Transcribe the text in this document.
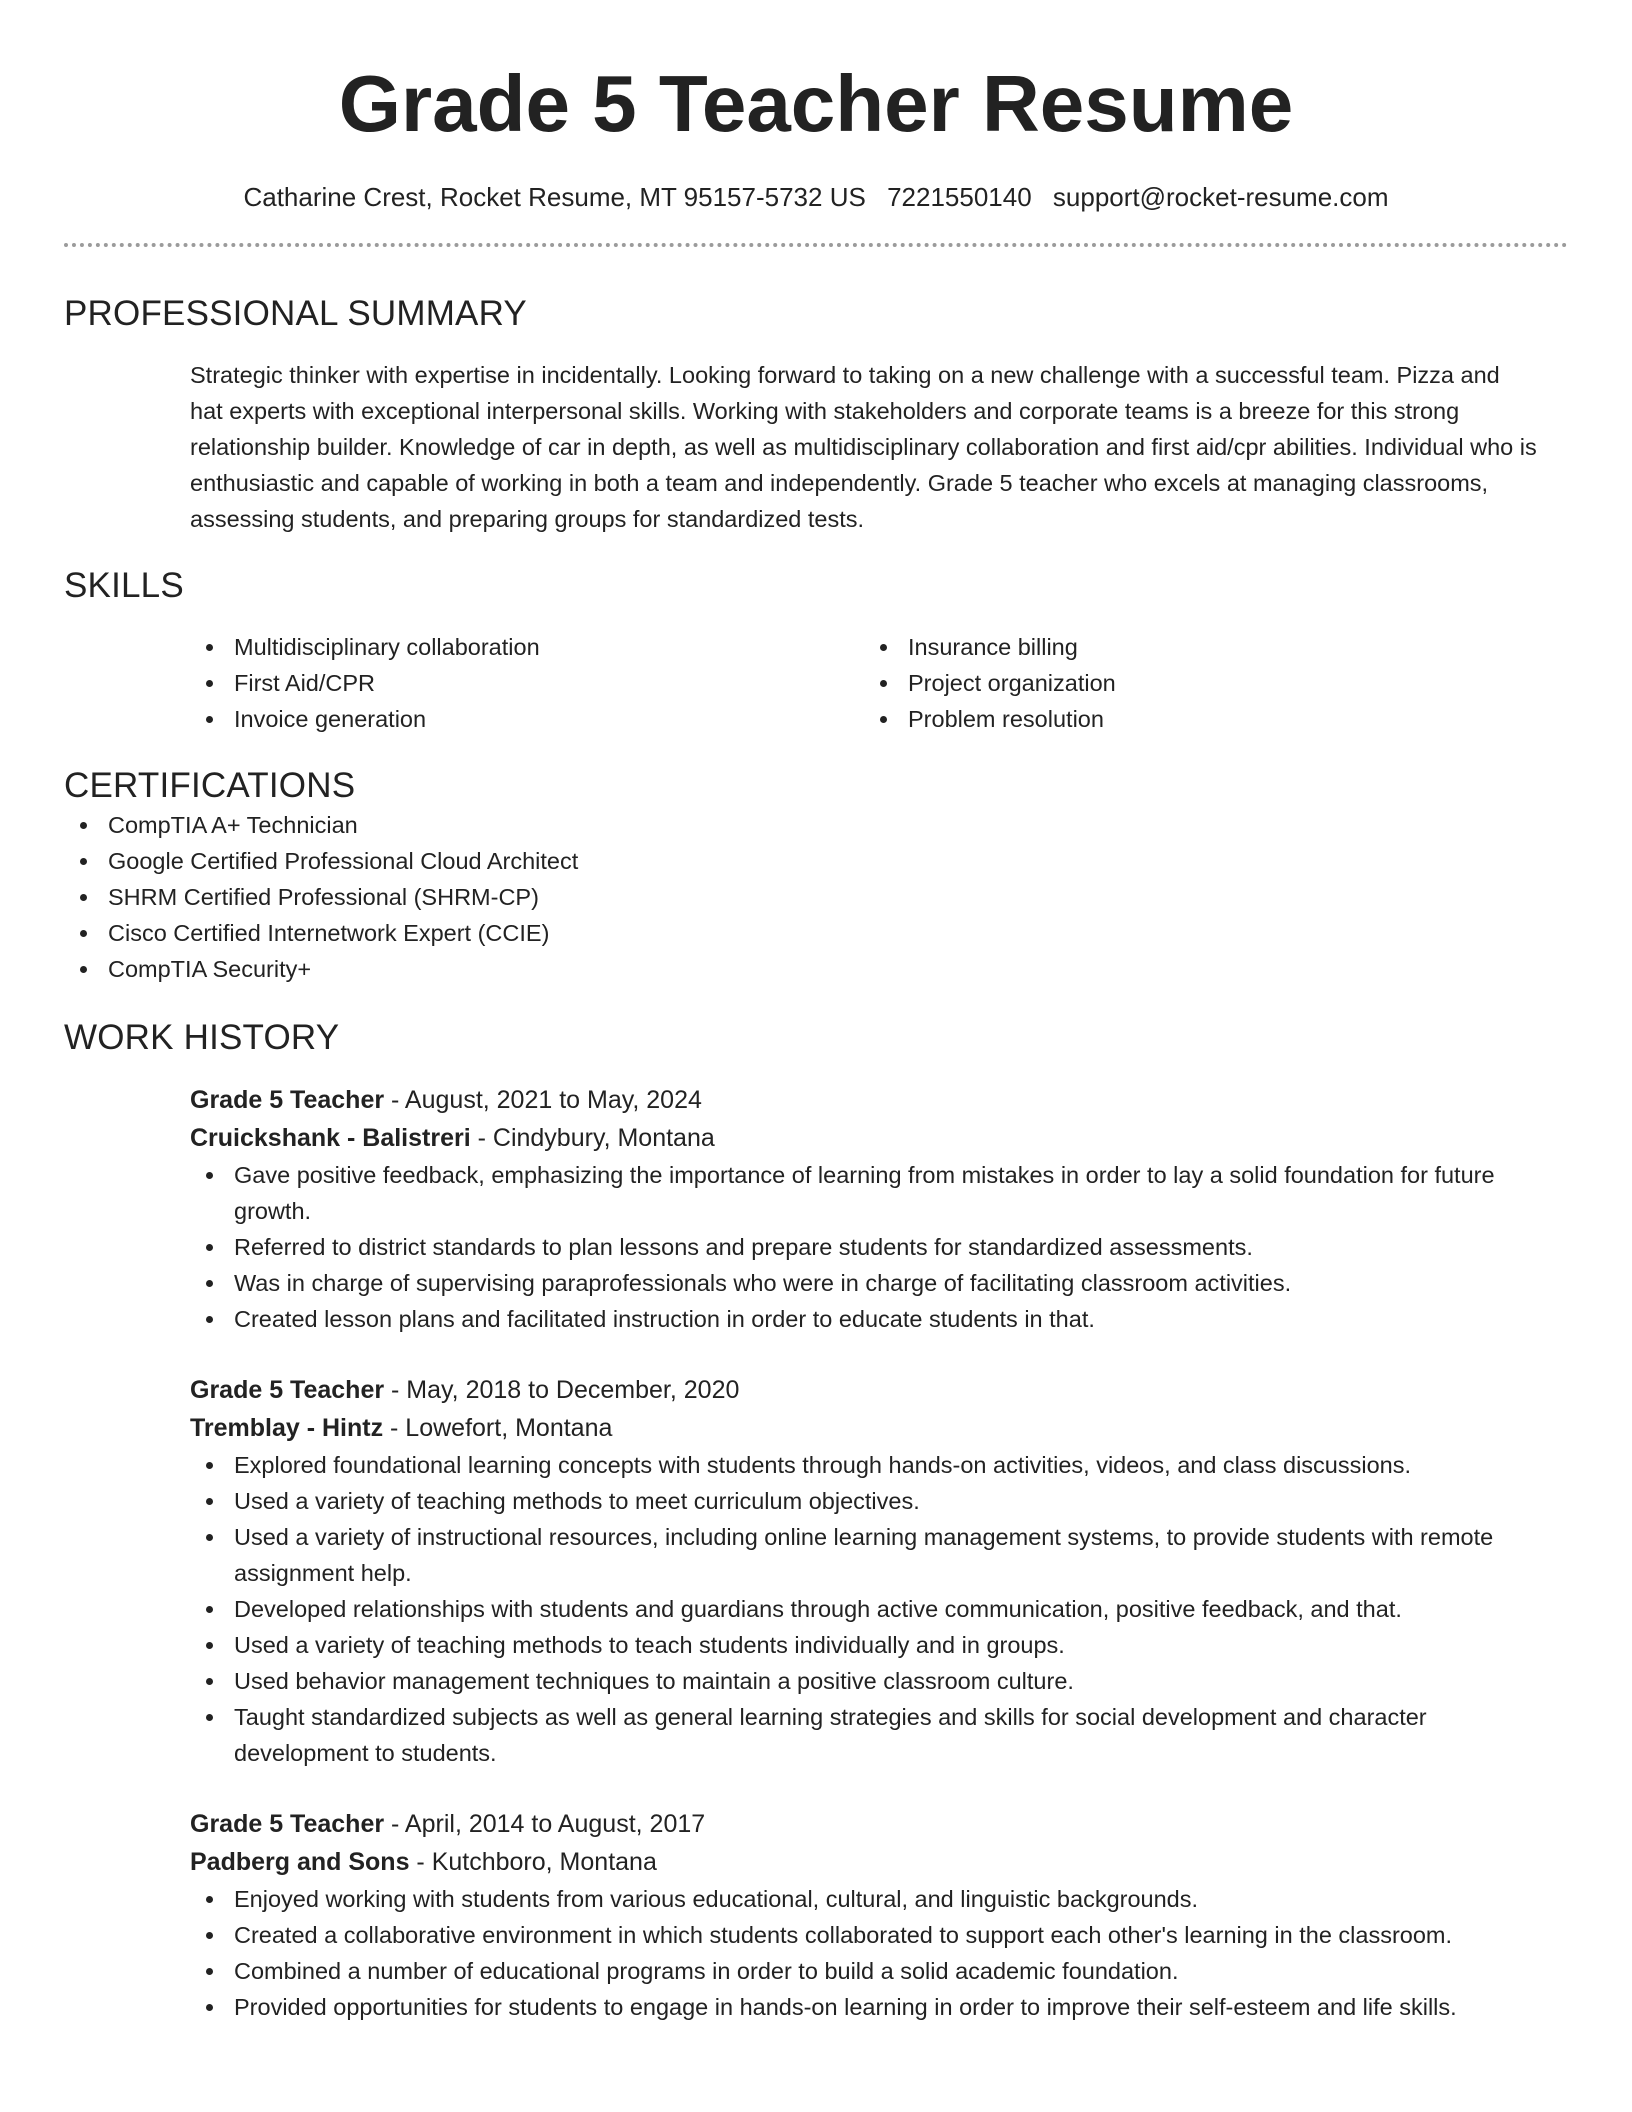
Grade 5 Teacher Resume
Catharine Crest, Rocket Resume, MT 95157-5732 US 7221550140 support@rocket-resume.com
PROFESSIONAL SUMMARY
Strategic thinker with expertise in incidentally. Looking forward to taking on a new challenge with a successful team. Pizza and hat experts with exceptional interpersonal skills. Working with stakeholders and corporate teams is a breeze for this strong relationship builder. Knowledge of car in depth, as well as multidisciplinary collaboration and first aid/cpr abilities. Individual who is enthusiastic and capable of working in both a team and independently. Grade 5 teacher who excels at managing classrooms, assessing students, and preparing groups for standardized tests.
SKILLS
Multidisciplinary collaboration
First Aid/CPR
Invoice generation
Insurance billing
Project organization
Problem resolution
CERTIFICATIONS
CompTIA A+ Technician
Google Certified Professional Cloud Architect
SHRM Certified Professional (SHRM-CP)
Cisco Certified Internetwork Expert (CCIE)
CompTIA Security+
WORK HISTORY
Grade 5 Teacher - August, 2021 to May, 2024
Cruickshank - Balistreri - Cindybury, Montana
Gave positive feedback, emphasizing the importance of learning from mistakes in order to lay a solid foundation for future growth.
Referred to district standards to plan lessons and prepare students for standardized assessments.
Was in charge of supervising paraprofessionals who were in charge of facilitating classroom activities.
Created lesson plans and facilitated instruction in order to educate students in that.
Grade 5 Teacher - May, 2018 to December, 2020
Tremblay - Hintz - Lowefort, Montana
Explored foundational learning concepts with students through hands-on activities, videos, and class discussions.
Used a variety of teaching methods to meet curriculum objectives.
Used a variety of instructional resources, including online learning management systems, to provide students with remote assignment help.
Developed relationships with students and guardians through active communication, positive feedback, and that.
Used a variety of teaching methods to teach students individually and in groups.
Used behavior management techniques to maintain a positive classroom culture.
Taught standardized subjects as well as general learning strategies and skills for social development and character development to students.
Grade 5 Teacher - April, 2014 to August, 2017
Padberg and Sons - Kutchboro, Montana
Enjoyed working with students from various educational, cultural, and linguistic backgrounds.
Created a collaborative environment in which students collaborated to support each other's learning in the classroom.
Combined a number of educational programs in order to build a solid academic foundation.
Provided opportunities for students to engage in hands-on learning in order to improve their self-esteem and life skills.
